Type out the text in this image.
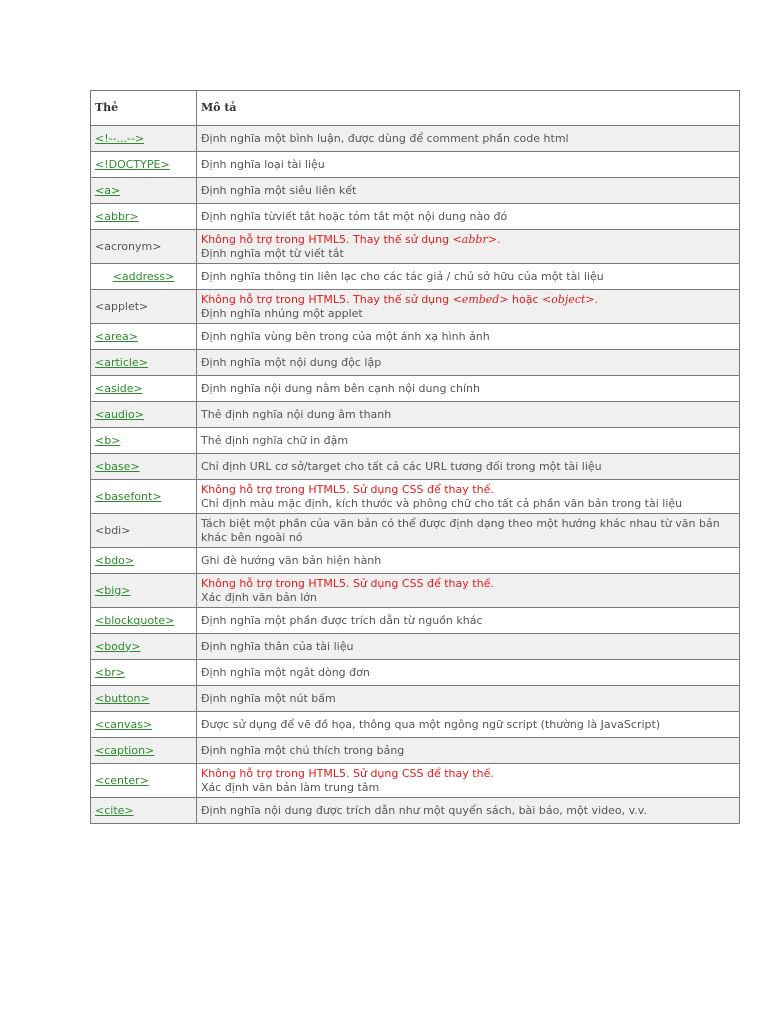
Thẻ	Mô tả
<!--...-->	Định nghĩa một bình luận, được dùng để comment phần code html
<!DOCTYPE>	Định nghĩa loại tài liệu
<a>	Định nghĩa một siêu liên kết
<abbr>	Định nghĩa từviết tắt hoặc tóm tắt một nội dung nào đó
<acronym>	Không hỗ trợ trong HTML5. Thay thế sử dụng <abbr>.
Định nghĩa một từ viết tắt

<address>	Định nghĩa thông tin liên lạc cho các tác giả / chủ sở hữu của một tài liệu
<applet>	Không hỗ trợ trong HTML5. Thay thế sử dụng <embed> hoặc <object>.
Định nghĩa nhúng một applet

<area>	Định nghĩa vùng bên trong của một ánh xạ hình ảnh
<article>	Định nghĩa một nội dung độc lập
<aside>	Định nghĩa nội dung nằm bên cạnh nội dung chính
<audio>	Thẻ định nghĩa nội dung âm thanh
<b>	Thẻ định nghĩa chữ in đậm
<base>	Chỉ định URL cơ sở/target cho tất cả các URL tương đối trong một tài liệu
<basefont>	Không hỗ trợ trong HTML5. Sử dụng CSS để thay thế.
Chỉ định màu mặc định, kích thước và phông chữ cho tất cả phần văn bản trong tài liệu

<bdi>	Tách biệt một phần của văn bản có thể được định dạng theo một hướng khác nhau từ văn bản khác bên ngoài nó
<bdo>	Ghi đè hướng văn bản hiện hành
<big>	Không hỗ trợ trong HTML5. Sử dụng CSS để thay thế.
Xác định văn bản lớn

<blockquote>	Định nghĩa một phần được trích dẫn từ nguồn khác
<body>	Định nghĩa thân của tài liệu
<br>	Định nghĩa một ngắt dòng đơn
<button>	Định nghĩa một nút bấm
<canvas>	Được sử dụng để vẽ đồ họa, thông qua một ngông ngữ script (thường là JavaScript)
<caption>	Định nghĩa một chú thích trong bảng
<center>	Không hỗ trợ trong HTML5. Sử dụng CSS để thay thế.
Xác định văn bản làm trung tâm

<cite>	Định nghĩa nội dung được trích dẫn như một quyển sách, bài báo, một video, v.v.
